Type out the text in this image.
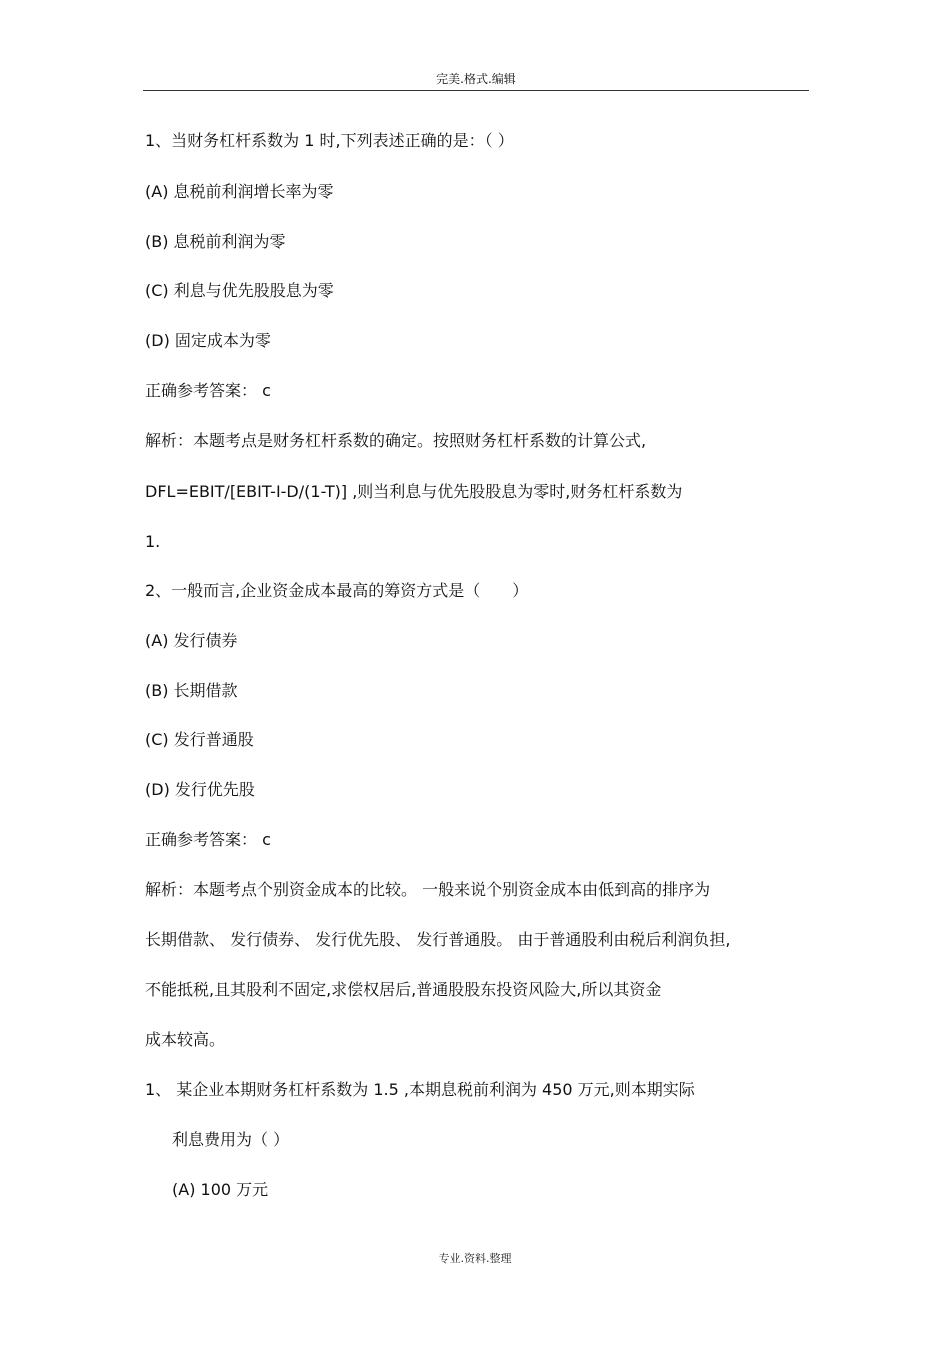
完美.格式.编辑
1、当财务杠杆系数为 1 时,下列表述正确的是：（ ）
(A) 息税前利润增长率为零
(B) 息税前利润为零
(C) 利息与优先股股息为零
(D) 固定成本为零
正确参考答案： c
解析：本题考点是财务杠杆系数的确定。按照财务杠杆系数的计算公式,
DFL=EBIT/[EBIT-I-D/(1-T)] ,则当利息与优先股股息为零时,财务杠杆系数为
1.
2、一般而言,企业资金成本最高的筹资方式是（　　）
(A) 发行债券
(B) 长期借款
(C) 发行普通股
(D) 发行优先股
正确参考答案： c
解析：本题考点个别资金成本的比较。 一般来说个别资金成本由低到高的排序为
长期借款、 发行债券、 发行优先股、 发行普通股。 由于普通股利由税后利润负担,
不能抵税,且其股利不固定,求偿权居后,普通股股东投资风险大,所以其资金
成本较高。
1、 某企业本期财务杠杆系数为 1.5 ,本期息税前利润为 450 万元,则本期实际
利息费用为（ ）
(A) 100 万元
专业.资料.整理
